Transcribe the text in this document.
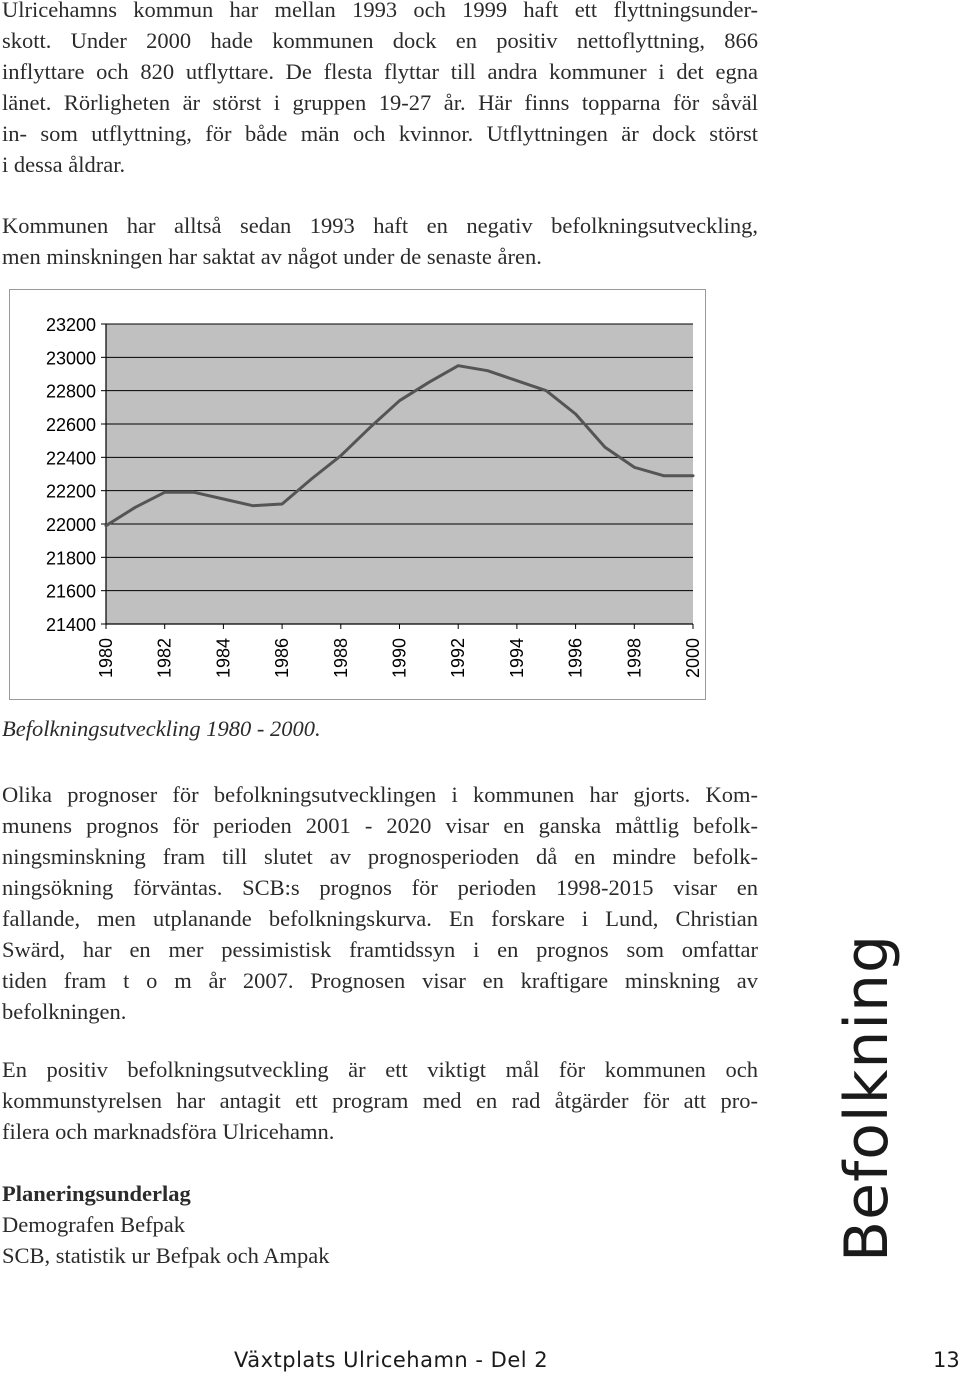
Ulricehamns kommun har mellan 1993 och 1999 haft ett flyttningsunder-
skott. Under 2000 hade kommunen dock en positiv nettoflyttning, 866
inflyttare och 820 utflyttare. De flesta flyttar till andra kommuner i det egna
länet. Rörligheten är störst i gruppen 19-27 år. Här finns topparna för såväl
in- som utflyttning, för både män och kvinnor. Utflyttningen är dock störst
i dessa åldrar.

Kommunen har alltså sedan 1993 haft en negativ befolkningsutveckling,
men minskningen har saktat av något under de senaste åren.

23200
23000
22800
22600
22400
22200
22000
21800
21600
21400
1980 1982 1984 1986 1988 1990 1992 1994 1996 1998 2000
Befolkningsutveckling 1980 - 2000.

Olika prognoser för befolkningsutvecklingen i kommunen har gjorts. Kom-
munens prognos för perioden 2001 - 2020 visar en ganska måttlig befolk-
ningsminskning fram till slutet av prognosperioden då en mindre befolk-
ningsökning förväntas. SCB:s prognos för perioden 1998-2015 visar en
fallande, men utplanande befolkningskurva. En forskare i Lund, Christian
Swärd, har en mer pessimistisk framtidssyn i en prognos som omfattar
tiden fram t o m år 2007. Prognosen visar en kraftigare minskning av
befolkningen.

En positiv befolkningsutveckling är ett viktigt mål för kommunen och
kommunstyrelsen har antagit ett program med en rad åtgärder för att pro-
filera och marknadsföra Ulricehamn.

Planeringsunderlag
Demografen Befpak
SCB, statistik ur Befpak och Ampak	Befolkning
Växtplats Ulricehamn - Del 2	13
